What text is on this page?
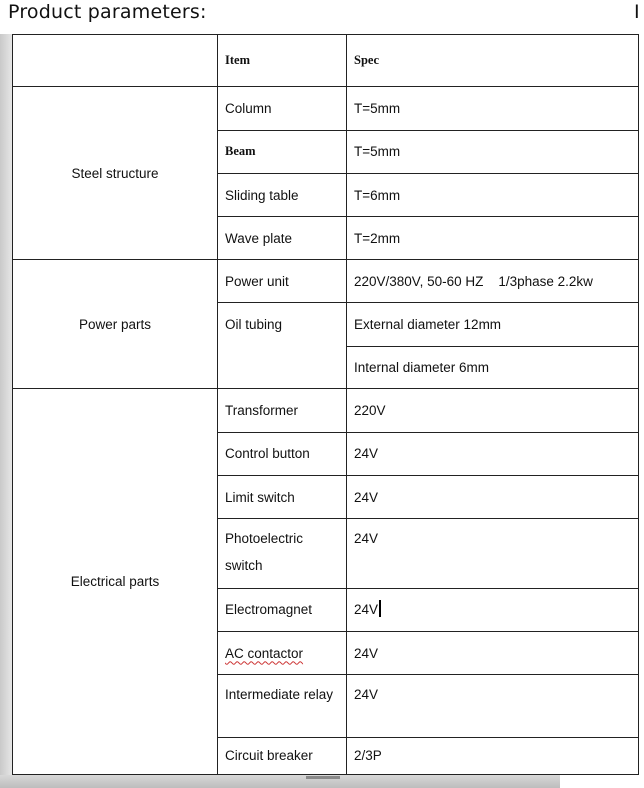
Product parameters:	I
	Item	Spec
Steel structure	Column	T=5mm
	Beam	T=5mm
	Sliding table	T=6mm
	Wave plate	T=2mm
Power parts	Power unit	220V/380V, 50-60 HZ    1/3phase 2.2kw
	Oil tubing	External diameter 12mm
		Internal diameter 6mm
Electrical parts	Transformer	220V
	Control button	24V
	Limit switch	24V
	Photoelectric switch	24V
	Electromagnet	24V
	AC contactor	24V
	Intermediate relay	24V
	Circuit breaker	2/3P
